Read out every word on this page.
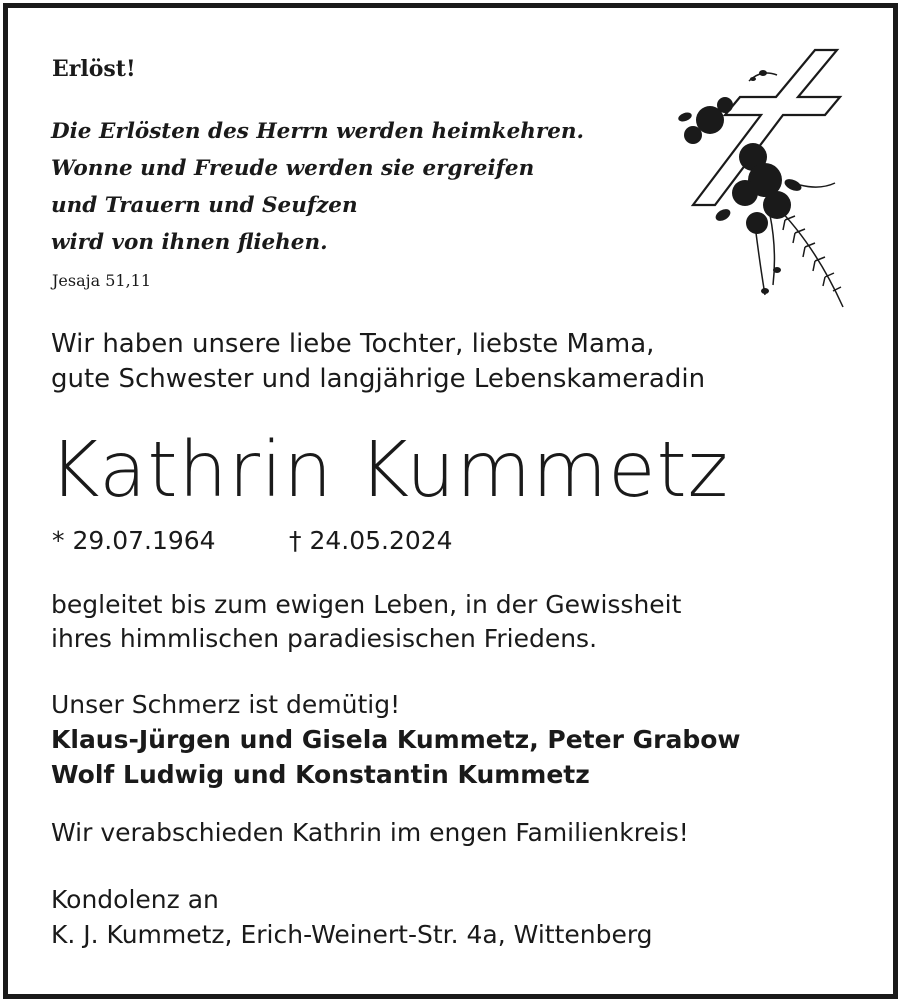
Erlöst!
Die Erlösten des Herrn werden heimkehren.
Wonne und Freude werden sie ergreifen
und Trauern und Seufzen
wird von ihnen fliehen.
Jesaja 51,11
Wir haben unsere liebe Tochter, liebste Mama,
gute Schwester und langjährige Lebenskameradin
Kathrin Kummetz
* 29.07.1964	† 24.05.2024
begleitet bis zum ewigen Leben, in der Gewissheit
ihres himmlischen paradiesischen Friedens.
Unser Schmerz ist demütig!
Klaus-Jürgen und Gisela Kummetz, Peter Grabow
Wolf Ludwig und Konstantin Kummetz
Wir verabschieden Kathrin im engen Familienkreis!
Kondolenz an
K. J. Kummetz, Erich-Weinert-Str. 4a, Wittenberg
